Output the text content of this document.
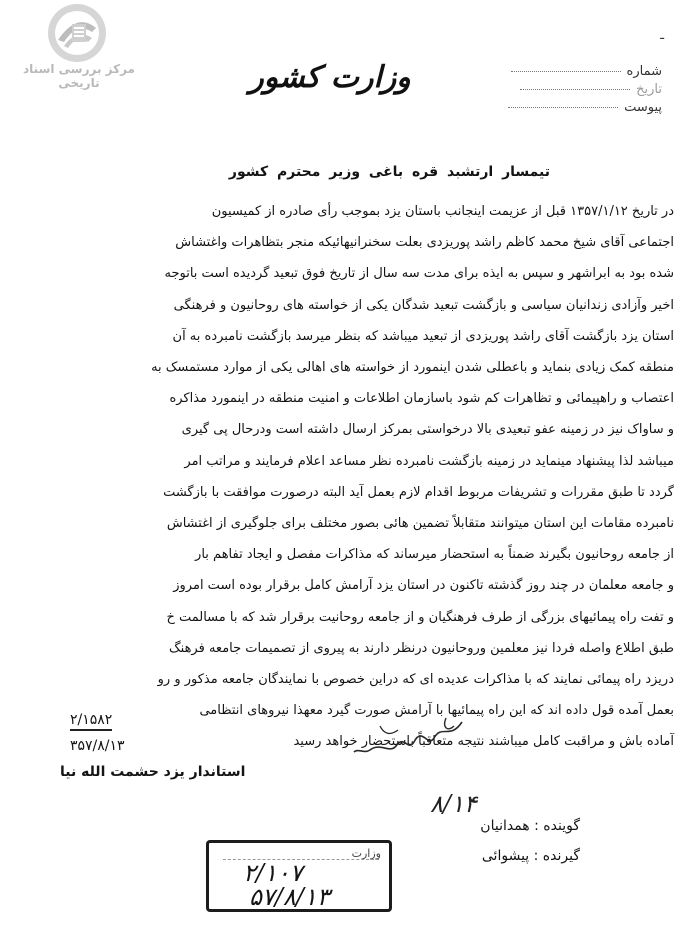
مرکز بررسی اسناد تاریخی
ـ
شماره
تاریخ
پیوست
وزارت کشور
تیمسار ارتشبد قره باغی وزیر محترم کشور

در تاریخ ۱۳۵۷/۱/۱۲ قبل از عزیمت اینجانب باستان یزد بموجب رأی صادره از کمیسیون

اجتماعی آقای شیخ محمد کاظم راشد پوریزدی بعلت سخنرانیهائیکه منجر بتظاهرات واغتشاش

شده بود به ابراشهر و سپس به ایذه برای مدت سه سال از تاریخ فوق تبعید گردیده است باتوجه

اخیر وآزادی زندانیان سیاسی و بازگشت تبعید شدگان یکی از خواسته های روحانیون و فرهنگی

استان یزد بازگشت آقای راشد پوریزدی از تبعید میباشد که بنظر میرسد بازگشت نامبرده به آن

منطقه کمک زیادی بنماید و باعطلی شدن اینمورد از خواسته های اهالی یکی از موارد مستمسک به

اعتصاب و راهپیمائی و تظاهرات کم شود باسازمان اطلاعات و امنیت منطقه در اینمورد مذاکره

و ساواک نیز در زمینه عفو تبعیدی بالا درخواستی بمرکز ارسال داشته است ودرحال پی گیری

میباشد لذا پیشنهاد مینماید در زمینه بازگشت نامبرده نظر مساعد اعلام فرمایند و مراتب امر

گردد تا طبق مقررات و تشریفات مربوط اقدام لازم بعمل آید البته درصورت موافقت با بازگشت

نامبرده مقامات این استان میتوانند متقابلاً تضمین هائی بصور مختلف برای جلوگیری از اغتشاش

از جامعه روحانیون بگیرند ضمناً به استحضار میرساند که مذاکرات مفصل و ایجاد تفاهم بار

و جامعه معلمان در چند روز گذشته تاکنون در استان یزد آرامش کامل برقرار بوده است امروز

و تفت راه پیمائیهای بزرگی از طرف فرهنگیان و از جامعه روحانیت برقرار شد که با مسالمت خ

طبق اطلاع واصله فردا نیز معلمین وروحانیون درنظر دارند به پیروی از تصمیمات جامعه فرهنگ

دریزد راه پیمائی نمایند که با مذاکرات عدیده ای که دراین خصوص با نمایندگان جامعه مذکور و رو

بعمل آمده قول داده اند که این راه پیمائیها با آرامش صورت گیرد معهذا نیروهای انتظامی

آماده باش و مراقبت کامل میباشند نتیجه متعاقباً باستحضار خواهد رسید

۲/۱۵۸۲
۳۵۷/۸/۱۳
استاندار یزد حشمت الله نیا
۸/۱۴
گوینده : همدانیان
گیرنده : پیشوائی
وزارت
۲/۱۰۷
۵۷/۸/۱۳
